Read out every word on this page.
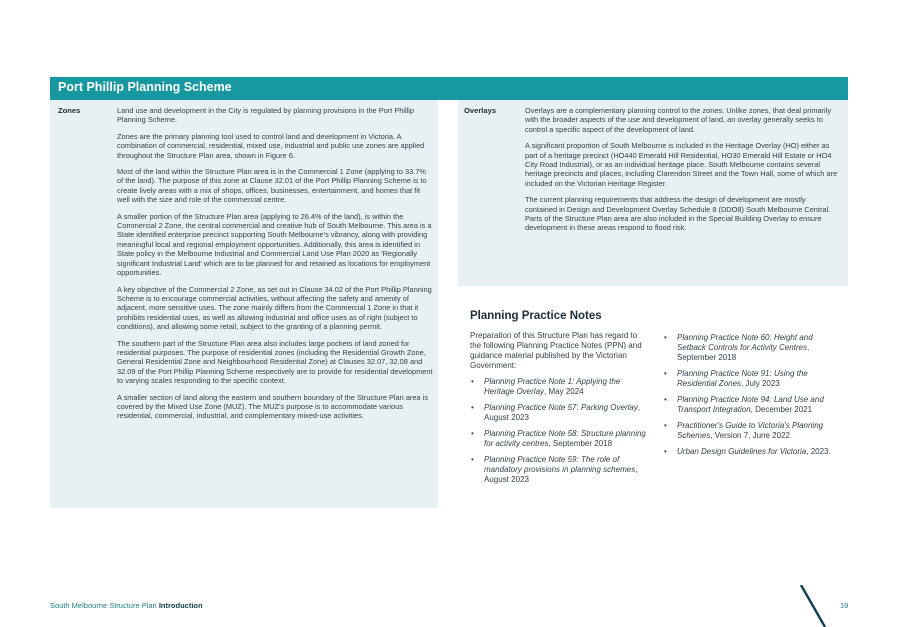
Port Phillip Planning Scheme
Zones	Land use and development in the City is regulated by planning provisions in the Port Phillip Planning Scheme.

Zones are the primary planning tool used to control land and development in Victoria. A combination of commercial, residential, mixed use, industrial and public use zones are applied throughout the Structure Plan area, shown in Figure 6.

Most of the land within the Structure Plan area is in the Commercial 1 Zone (applying to 33.7% of the land). The purpose of this zone at Clause 32.01 of the Port Phillip Planning Scheme is to create lively areas with a mix of shops, offices, businesses, entertainment, and homes that fit well with the size and role of the commercial centre.

A smaller portion of the Structure Plan area (applying to 26.4% of the land), is within the Commercial 2 Zone, the central commercial and creative hub of South Melbourne. This area is a State identified enterprise precinct supporting South Melbourne's vibrancy, along with providing meaningful local and regional employment opportunities. Additionally, this area is identified in State policy in the Melbourne Industrial and Commercial Land Use Plan 2020 as 'Regionally significant Industrial Land' which are to be planned for and retained as locations for employment opportunities.

A key objective of the Commercial 2 Zone, as set out in Clause 34.02 of the Port Phillip Planning Scheme is to encourage commercial activities, without affecting the safety and amenity of adjacent, more sensitive uses. The zone mainly differs from the Commercial 1 Zone in that it prohibits residential uses, as well as allowing industrial and office uses as of right (subject to conditions), and allowing some retail, subject to the granting of a planning permit.

The southern part of the Structure Plan area also includes large pockets of land zoned for residential purposes. The purpose of residential zones (including the Residential Growth Zone, General Residential Zone and Neighbourhood Residential Zone) at Clauses 32.07, 32.08 and 32.09 of the Port Phillip Planning Scheme respectively are to provide for residential development to varying scales responding to the specific context.

A smaller section of land along the eastern and southern boundary of the Structure Plan area is covered by the Mixed Use Zone (MUZ). The MUZ's purpose is to accommodate various residential, commercial, industrial, and complementary mixed-use activities.

Overlays	Overlays are a complementary planning control to the zones. Unlike zones, that deal primarily with the broader aspects of the use and development of land, an overlay generally seeks to control a specific aspect of the development of land.

A significant proportion of South Melbourne is included in the Heritage Overlay (HO) either as part of a heritage precinct (HO440 Emerald Hill Residential, HO30 Emerald Hill Estate or HO4 City Road Industrial), or as an individual heritage place. South Melbourne contains several heritage precincts and places, including Clarendon Street and the Town Hall, some of which are included on the Victorian Heritage Register.

The current planning requirements that address the design of development are mostly contained in Design and Development Overlay Schedule 8 (DDO8) South Melbourne Central. Parts of the Structure Plan area are also included in the Special Building Overlay to ensure development in these areas respond to flood risk.

Planning Practice Notes

Preparation of this Structure Plan has regard to the following Planning Practice Notes (PPN) and guidance material published by the Victorian Government:

• Planning Practice Note 1: Applying the Heritage Overlay, May 2024
• Planning Practice Note 57: Parking Overlay, August 2023
• Planning Practice Note 58: Structure planning for activity centres, September 2018
• Planning Practice Note 59: The role of mandatory provisions in planning schemes, August 2023
• Planning Practice Note 60: Height and Setback Controls for Activity Centres, September 2018
• Planning Practice Note 91: Using the Residential Zones, July 2023
• Planning Practice Note 94: Land Use and Transport Integration, December 2021
• Practitioner's Guide to Victoria's Planning Schemes, Version 7, June 2022
• Urban Design Guidelines for Victoria, 2023.
South Melbourne Structure Plan Introduction	19
